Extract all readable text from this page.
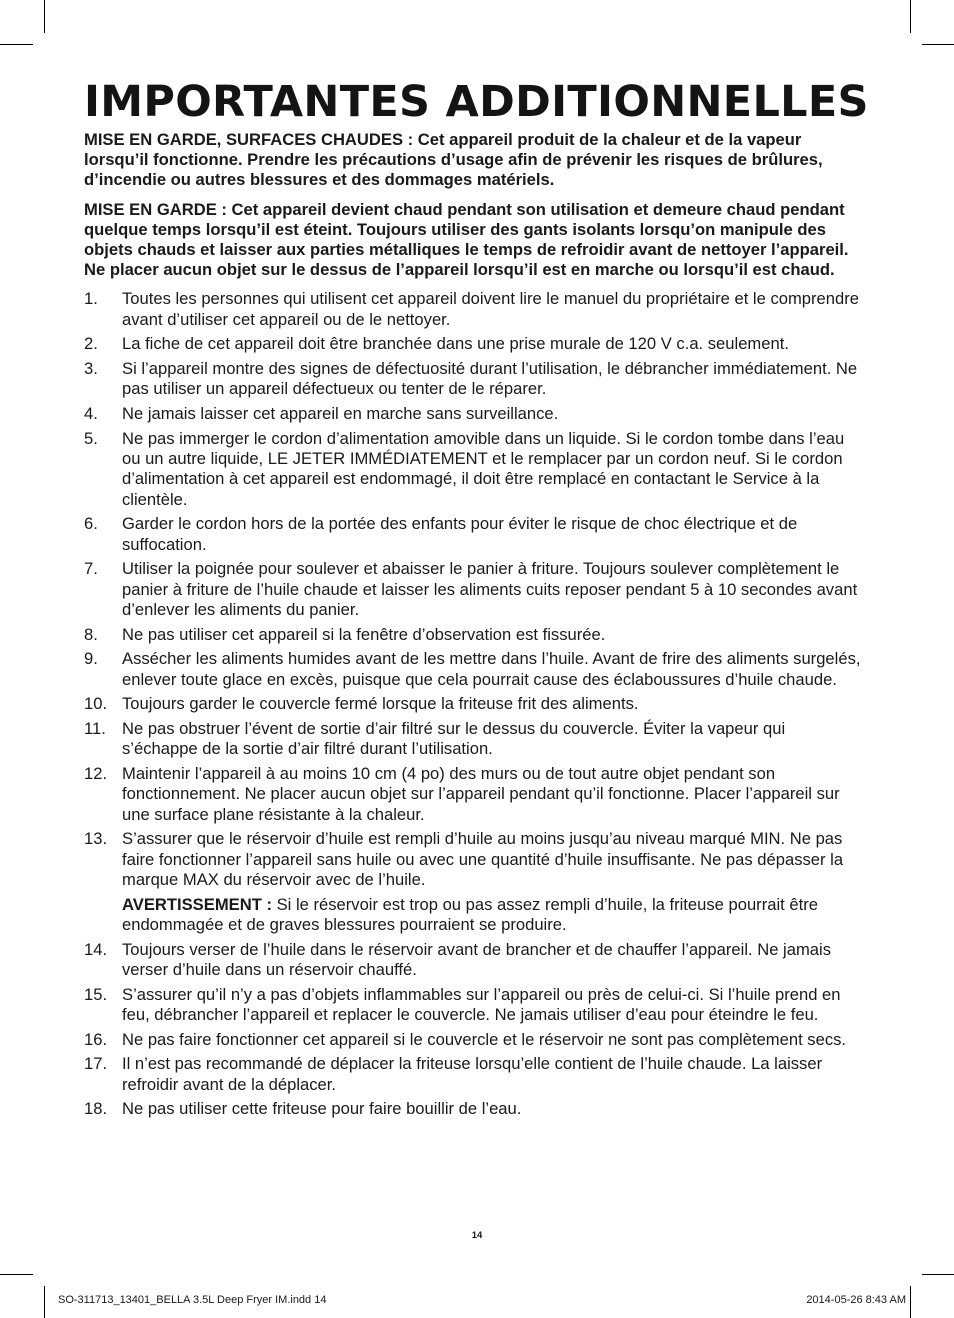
IMPORTANTES ADDITIONNELLES

MISE EN GARDE, SURFACES CHAUDES : Cet appareil produit de la chaleur et de la vapeur lorsqu’il fonctionne. Prendre les précautions d’usage afin de prévenir les risques de brûlures, d’incendie ou autres blessures et des dommages matériels.

MISE EN GARDE : Cet appareil devient chaud pendant son utilisation et demeure chaud pendant quelque temps lorsqu’il est éteint. Toujours utiliser des gants isolants lorsqu’on manipule des objets chauds et laisser aux parties métalliques le temps de refroidir avant de nettoyer l’appareil. Ne placer aucun objet sur le dessus de l’appareil lorsqu’il est en marche ou lorsqu’il est chaud.

1. Toutes les personnes qui utilisent cet appareil doivent lire le manuel du propriétaire et le comprendre avant d’utiliser cet appareil ou de le nettoyer.
2. La fiche de cet appareil doit être branchée dans une prise murale de 120 V c.a. seulement.
3. Si l’appareil montre des signes de défectuosité durant l’utilisation, le débrancher immédiatement. Ne pas utiliser un appareil défectueux ou tenter de le réparer.
4. Ne jamais laisser cet appareil en marche sans surveillance.
5. Ne pas immerger le cordon d’alimentation amovible dans un liquide. Si le cordon tombe dans l’eau ou un autre liquide, LE JETER IMMÉDIATEMENT et le remplacer par un cordon neuf. Si le cordon d’alimentation à cet appareil est endommagé, il doit être remplacé en contactant le Service à la clientèle.
6. Garder le cordon hors de la portée des enfants pour éviter le risque de choc électrique et de suffocation.
7. Utiliser la poignée pour soulever et abaisser le panier à friture. Toujours soulever complètement le panier à friture de l’huile chaude et laisser les aliments cuits reposer pendant 5 à 10 secondes avant d’enlever les aliments du panier.
8. Ne pas utiliser cet appareil si la fenêtre d’observation est fissurée.
9. Assécher les aliments humides avant de les mettre dans l’huile. Avant de frire des aliments surgelés, enlever toute glace en excès, puisque que cela pourrait cause des éclaboussures d’huile chaude.
10. Toujours garder le couvercle fermé lorsque la friteuse frit des aliments.
11. Ne pas obstruer l’évent de sortie d’air filtré sur le dessus du couvercle. Éviter la vapeur qui s’échappe de la sortie d’air filtré durant l’utilisation.
12. Maintenir l’appareil à au moins 10 cm (4 po) des murs ou de tout autre objet pendant son fonctionnement. Ne placer aucun objet sur l’appareil pendant qu’il fonctionne. Placer l’appareil sur une surface plane résistante à la chaleur.
13. S’assurer que le réservoir d’huile est rempli d’huile au moins jusqu’au niveau marqué MIN. Ne pas faire fonctionner l’appareil sans huile ou avec une quantité d’huile insuffisante. Ne pas dépasser la marque MAX du réservoir avec de l’huile.
AVERTISSEMENT : Si le réservoir est trop ou pas assez rempli d’huile, la friteuse pourrait être endommagée et de graves blessures pourraient se produire.
14. Toujours verser de l’huile dans le réservoir avant de brancher et de chauffer l’appareil. Ne jamais verser d’huile dans un réservoir chauffé.
15. S’assurer qu’il n’y a pas d’objets inflammables sur l’appareil ou près de celui-ci. Si l’huile prend en feu, débrancher l’appareil et replacer le couvercle. Ne jamais utiliser d’eau pour éteindre le feu.
16. Ne pas faire fonctionner cet appareil si le couvercle et le réservoir ne sont pas complètement secs.
17. Il n’est pas recommandé de déplacer la friteuse lorsqu’elle contient de l’huile chaude. La laisser refroidir avant de la déplacer.
18. Ne pas utiliser cette friteuse pour faire bouillir de l’eau.
14
SO-311713_13401_BELLA 3.5L Deep Fryer IM.indd 14	2014-05-26 8:43 AM
